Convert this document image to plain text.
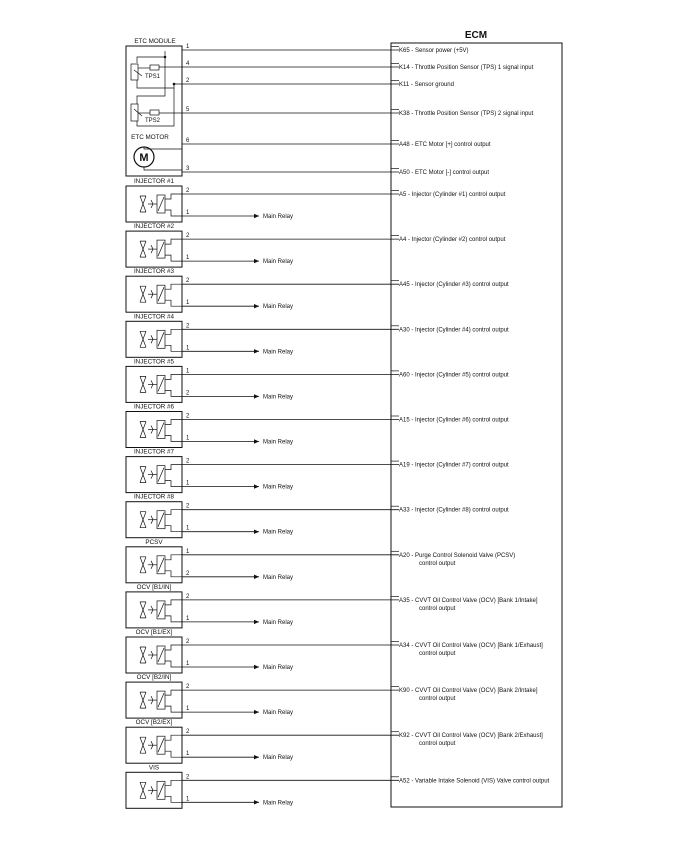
ECM
ETC MODULE
TPS1
TPS2
ETC MOTOR
M
1
K65 - Sensor power (+5V)
4
K14 - Throttle Position Sensor (TPS) 1 signal input
2
K11 - Sensor ground
5
K38 - Throttle Position Sensor (TPS) 2 signal input
6
A48 - ETC Motor [+] control output
3
A50 - ETC Motor [-] control output
INJECTOR #1
2
A5 - Injector (Cylinder #1) control output
1
Main Relay
INJECTOR #2
2
A4 - Injector (Cylinder #2) control output
1
Main Relay
INJECTOR #3
2
A45 - Injector (Cylinder #3) control output
1
Main Relay
INJECTOR #4
2
A30 - Injector (Cylinder #4) control output
1
Main Relay
INJECTOR #5
1
A60 - Injector (Cylinder #5) control output
2
Main Relay
INJECTOR #6
2
A15 - Injector (Cylinder #6) control output
1
Main Relay
INJECTOR #7
2
A19 - Injector (Cylinder #7) control output
1
Main Relay
INJECTOR #8
2
A33 - Injector (Cylinder #8) control output
1
Main Relay
PCSV
1
A20 - Purge Control Solenoid Valve (PCSV)
control output
2
Main Relay
OCV [B1/IN]
2
A35 - CVVT Oil Control Valve (OCV) [Bank 1/Intake]
control output
1
Main Relay
OCV [B1/EX]
2
A34 - CVVT Oil Control Valve (OCV) [Bank 1/Exhaust]
control output
1
Main Relay
OCV [B2/IN]
2
K90 - CVVT Oil Control Valve (OCV) [Bank 2/Intake]
control output
1
Main Relay
OCV [B2/EX]
2
K92 - CVVT Oil Control Valve (OCV) [Bank 2/Exhaust]
control output
1
Main Relay
VIS
2
A52 - Variable Intake Solenoid (VIS) Valve control output
1
Main Relay
